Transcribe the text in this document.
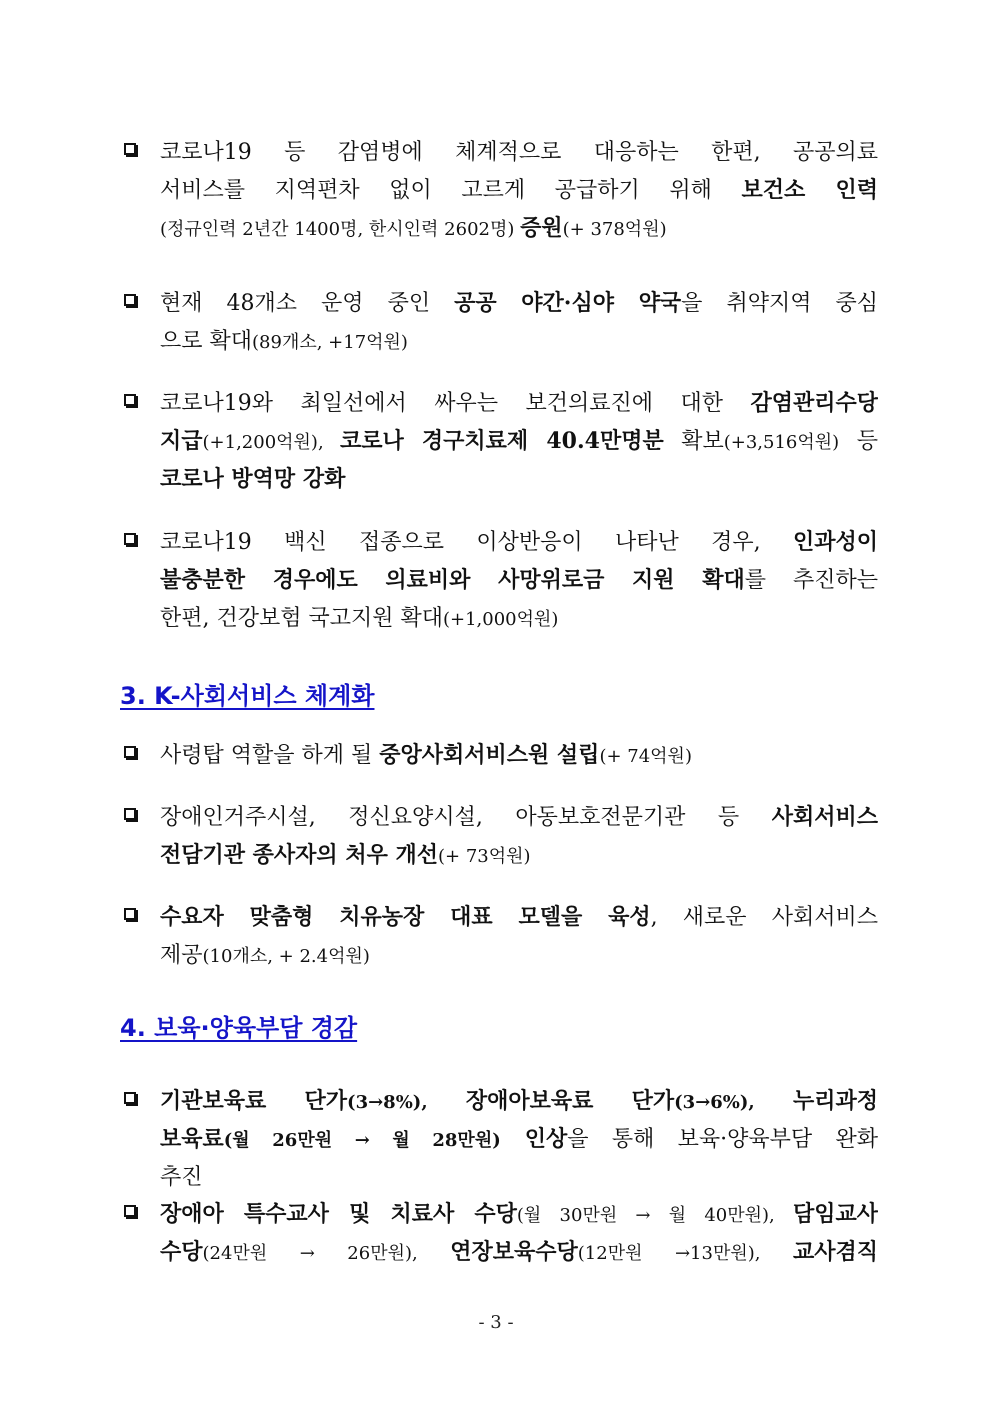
코로나19 등 감염병에 체계적으로 대응하는 한편, 공공의료
서비스를 지역편차 없이 고르게 공급하기 위해 보건소 인력
(정규인력 2년간 1400명, 한시인력 2602명) 증원(+ 378억원)
현재 48개소 운영 중인 공공 야간·심야 약국을 취약지역 중심
으로 확대(89개소, +17억원)
코로나19와 최일선에서 싸우는 보건의료진에 대한 감염관리수당
지급(+1,200억원), 코로나 경구치료제 40.4만명분 확보(+3,516억원) 등
코로나 방역망 강화
코로나19 백신 접종으로 이상반응이 나타난 경우, 인과성이
불충분한 경우에도 의료비와 사망위로금 지원 확대를 추진하는
한편, 건강보험 국고지원 확대(+1,000억원)
3. K-사회서비스 체계화
사령탑 역할을 하게 될 중앙사회서비스원 설립(+ 74억원)
장애인거주시설, 정신요양시설, 아동보호전문기관 등 사회서비스
전담기관 종사자의 처우 개선(+ 73억원)
수요자 맞춤형 치유농장 대표 모델을 육성, 새로운 사회서비스
제공(10개소, + 2.4억원)
4. 보육·양육부담 경감
기관보육료 단가(3→8%), 장애아보육료 단가(3→6%), 누리과정
보육료(월 26만원 → 월 28만원) 인상을 통해 보육·양육부담 완화
추진
장애아 특수교사 및 치료사 수당(월 30만원 → 월 40만원), 담임교사
수당(24만원 → 26만원), 연장보육수당(12만원 →13만원), 교사겸직
- 3 -
